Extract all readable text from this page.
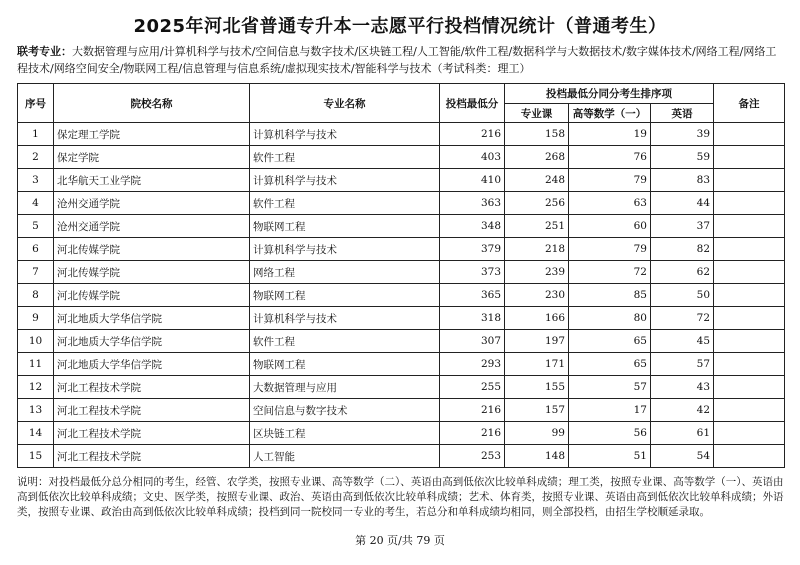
2025年河北省普通专升本一志愿平行投档情况统计（普通考生）
联考专业：大数据管理与应用/计算机科学与技术/空间信息与数字技术/区块链工程/人工智能/软件工程/数据科学与大数据技术/数字媒体技术/网络工程/网络工程技术/网络空间安全/物联网工程/信息管理与信息系统/虚拟现实技术/智能科学与技术（考试科类：理工）
序号	院校名称	专业名称	投档最低分	投档最低分同分考生排序项			备注
				专业课	高等数学（一）	英语	
1	保定理工学院	计算机科学与技术	216	158	19	39	
2	保定学院	软件工程	403	268	76	59	
3	北华航天工业学院	计算机科学与技术	410	248	79	83	
4	沧州交通学院	软件工程	363	256	63	44	
5	沧州交通学院	物联网工程	348	251	60	37	
6	河北传媒学院	计算机科学与技术	379	218	79	82	
7	河北传媒学院	网络工程	373	239	72	62	
8	河北传媒学院	物联网工程	365	230	85	50	
9	河北地质大学华信学院	计算机科学与技术	318	166	80	72	
10	河北地质大学华信学院	软件工程	307	197	65	45	
11	河北地质大学华信学院	物联网工程	293	171	65	57	
12	河北工程技术学院	大数据管理与应用	255	155	57	43	
13	河北工程技术学院	空间信息与数字技术	216	157	17	42	
14	河北工程技术学院	区块链工程	216	99	56	61	
15	河北工程技术学院	人工智能	253	148	51	54	
说明：对投档最低分总分相同的考生，经管、农学类，按照专业课、高等数学（二）、英语由高到低依次比较单科成绩；理工类，按照专业课、高等数学（一）、英语由高到低依次比较单科成绩；文史、医学类，按照专业课、政治、英语由高到低依次比较单科成绩；艺术、体育类，按照专业课、英语由高到低依次比较单科成绩；外语类，按照专业课、政治由高到低依次比较单科成绩；投档到同一院校同一专业的考生，若总分和单科成绩均相同，则全部投档，由招生学校顺延录取。
第 20 页/共 79 页
